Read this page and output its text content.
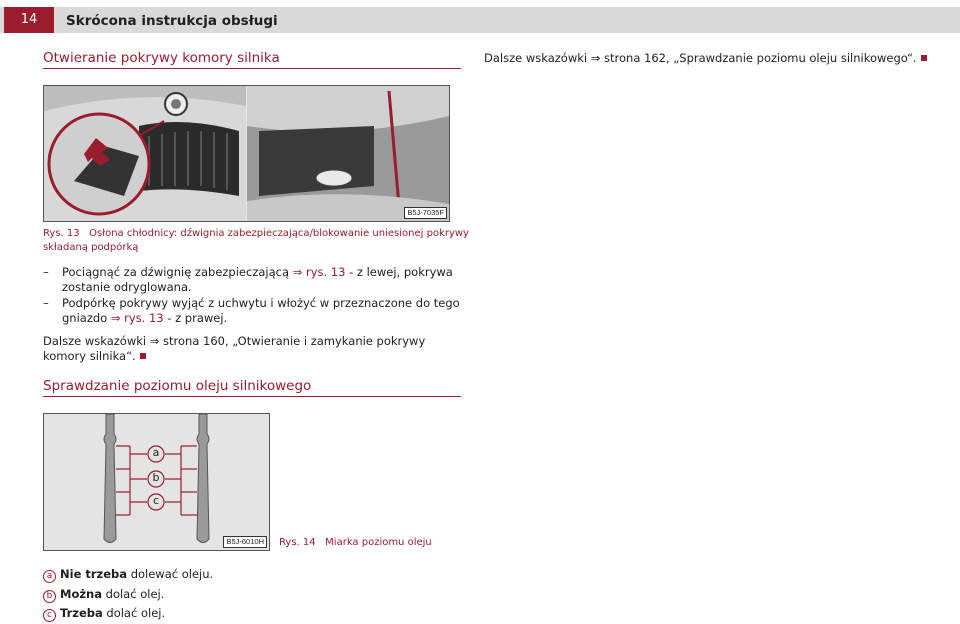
14	Skrócona instrukcja obsługi
Otwieranie pokrywy komory silnika	Dalsze wskazówki ⇒ strona 162, „Sprawdzanie poziomu oleju silnikowego“.
B5J-7035F
Rys. 13 Osłona chłodnicy: dźwignia zabezpieczająca/blokowanie uniesionej pokrywy składaną podpórką
– Pociągnąć za dźwignię zabezpieczającą ⇒ rys. 13 - z lewej, pokrywa zostanie odryglowana.
– Podpórkę pokrywy wyjąć z uchwytu i włożyć w przeznaczone do tego gniazdo ⇒ rys. 13 - z prawej.
Dalsze wskazówki ⇒ strona 160, „Otwieranie i zamykanie pokrywy komory silnika“.
Sprawdzanie poziomu oleju silnikowego
a
b
c
B5J-6010H	Rys. 14 Miarka poziomu oleju
a Nie trzeba dolewać oleju.
b Można dolać olej.
c Trzeba dolać olej.
